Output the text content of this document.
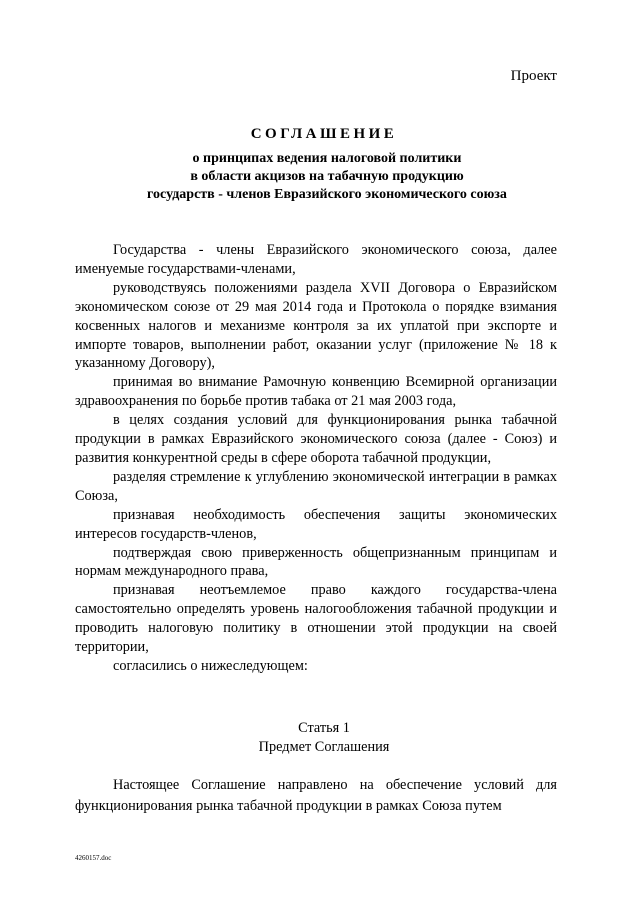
Проект
СОГЛАШЕНИЕ
о принципах ведения налоговой политики
в области акцизов на табачную продукцию
государств - членов Евразийского экономического союза

Государства - члены Евразийского экономического союза, далее именуемые государствами-членами,

руководствуясь положениями раздела XVII Договора о Евразийском экономическом союзе от 29 мая 2014 года и Протокола о порядке взимания косвенных налогов и механизме контроля за их уплатой при экспорте и импорте товаров, выполнении работ, оказании услуг (приложение № 18 к указанному Договору),

принимая во внимание Рамочную конвенцию Всемирной организации здравоохранения по борьбе против табака от 21 мая 2003 года,

в целях создания условий для функционирования рынка табачной продукции в рамках Евразийского экономического союза (далее - Союз) и развития конкурентной среды в сфере оборота табачной продукции,

разделяя стремление к углублению экономической интеграции в рамках Союза,

признавая необходимость обеспечения защиты экономических интересов государств-членов,

подтверждая свою приверженность общепризнанным принципам и нормам международного права,

признавая неотъемлемое право каждого государства-члена самостоятельно определять уровень налогообложения табачной продукции и проводить налоговую политику в отношении этой продукции на своей территории,

согласились о нижеследующем:

Статья 1
Предмет Соглашения

Настоящее Соглашение направлено на обеспечение условий для функционирования рынка табачной продукции в рамках Союза путем

4260157.doc
